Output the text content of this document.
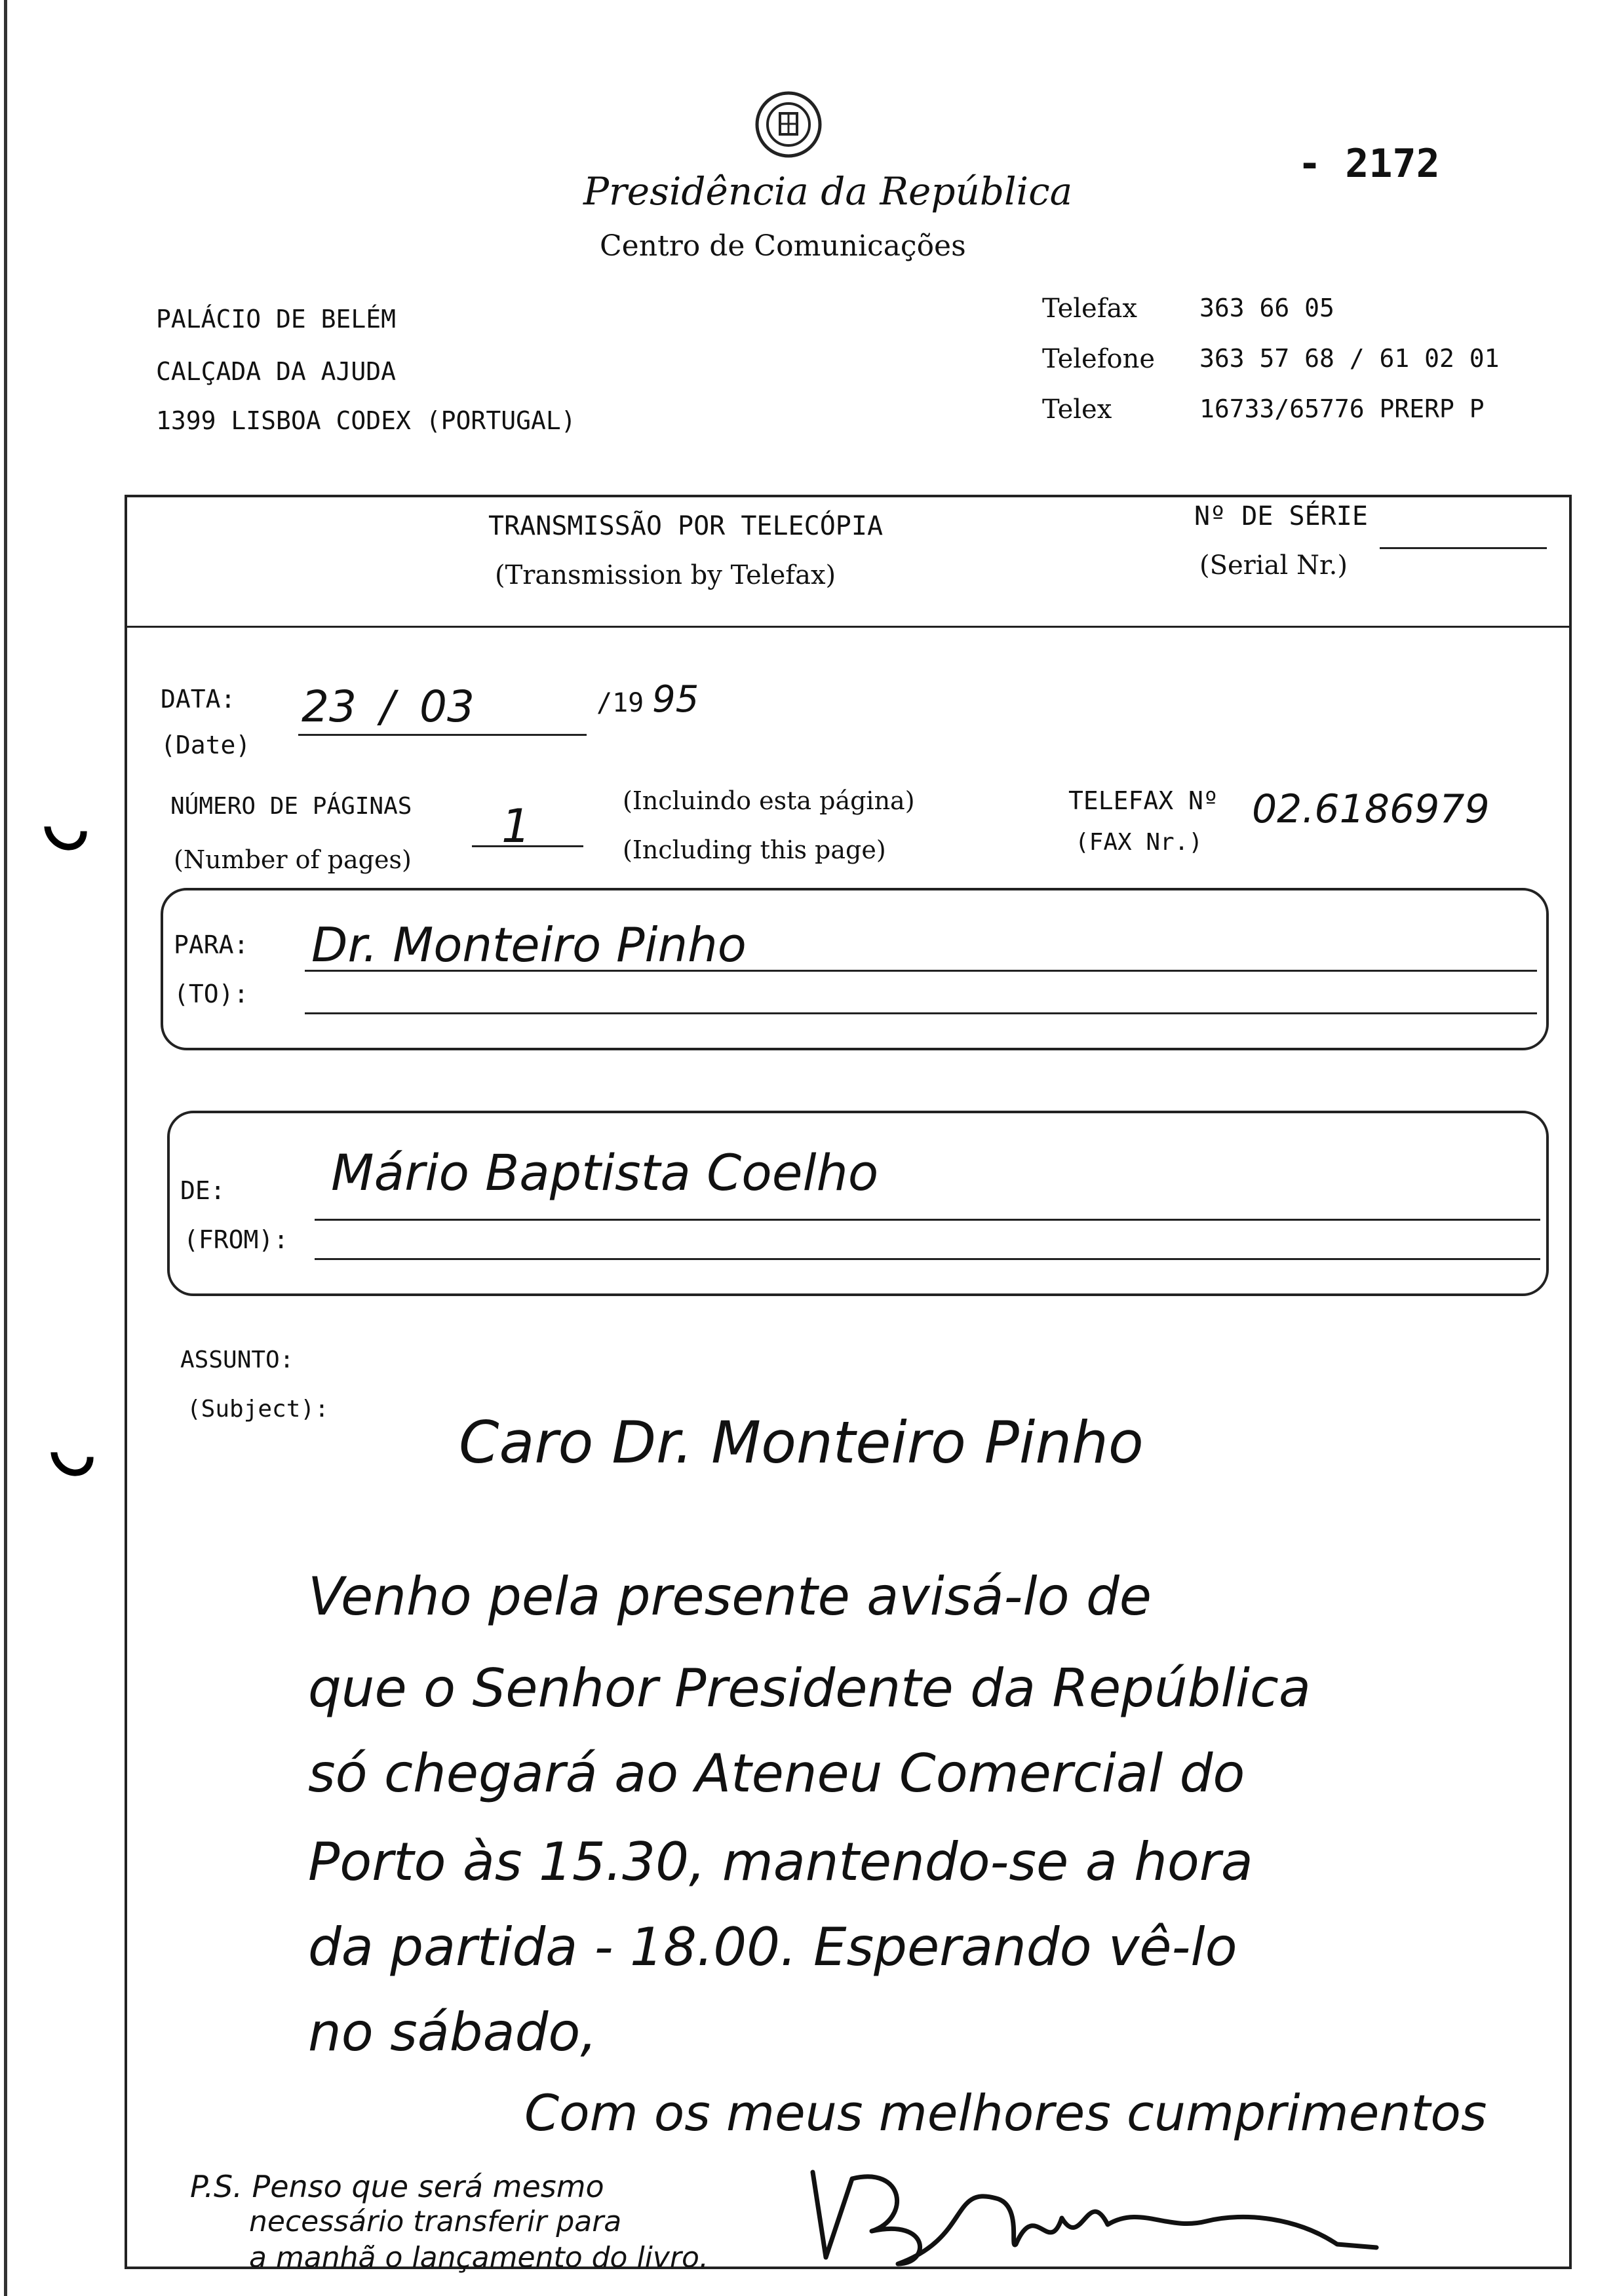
Presidência da República
Centro de Comunicações
- 2172
PALÁCIO DE BELÉM
CALÇADA DA AJUDA
1399 LISBOA CODEX (PORTUGAL)
Telefax	363 66 05
Telefone 363 57 68 / 61 02 01
Telex	16733/65776 PRERP P
TRANSMISSÃO POR TELECÓPIA
(Transmission by Telefax)
Nº DE SÉRIE
(Serial Nr.)
DATA:
(Date)
23 / 03	/19 95
NÚMERO DE PÁGINAS
(Number of pages)
1	(Incluindo esta página)
(Including this page)
TELEFAX Nº
(FAX Nr.)
02.6186979
PARA:
(TO):
Dr. Monteiro Pinho
DE:
(FROM):
Mário Baptista Coelho
ASSUNTO:
(Subject): Caro Dr. Monteiro Pinho
Venho pela presente avisá-lo de
que o Senhor Presidente da República
só chegará ao Ateneu Comercial do
Porto às 15.30, mantendo-se a hora
da partida - 18.00. Esperando vê-lo
no sábado,
Com os meus melhores cumprimentos
P.S. Penso que será mesmo
necessário transferir para
a manhã o lançamento do livro.
